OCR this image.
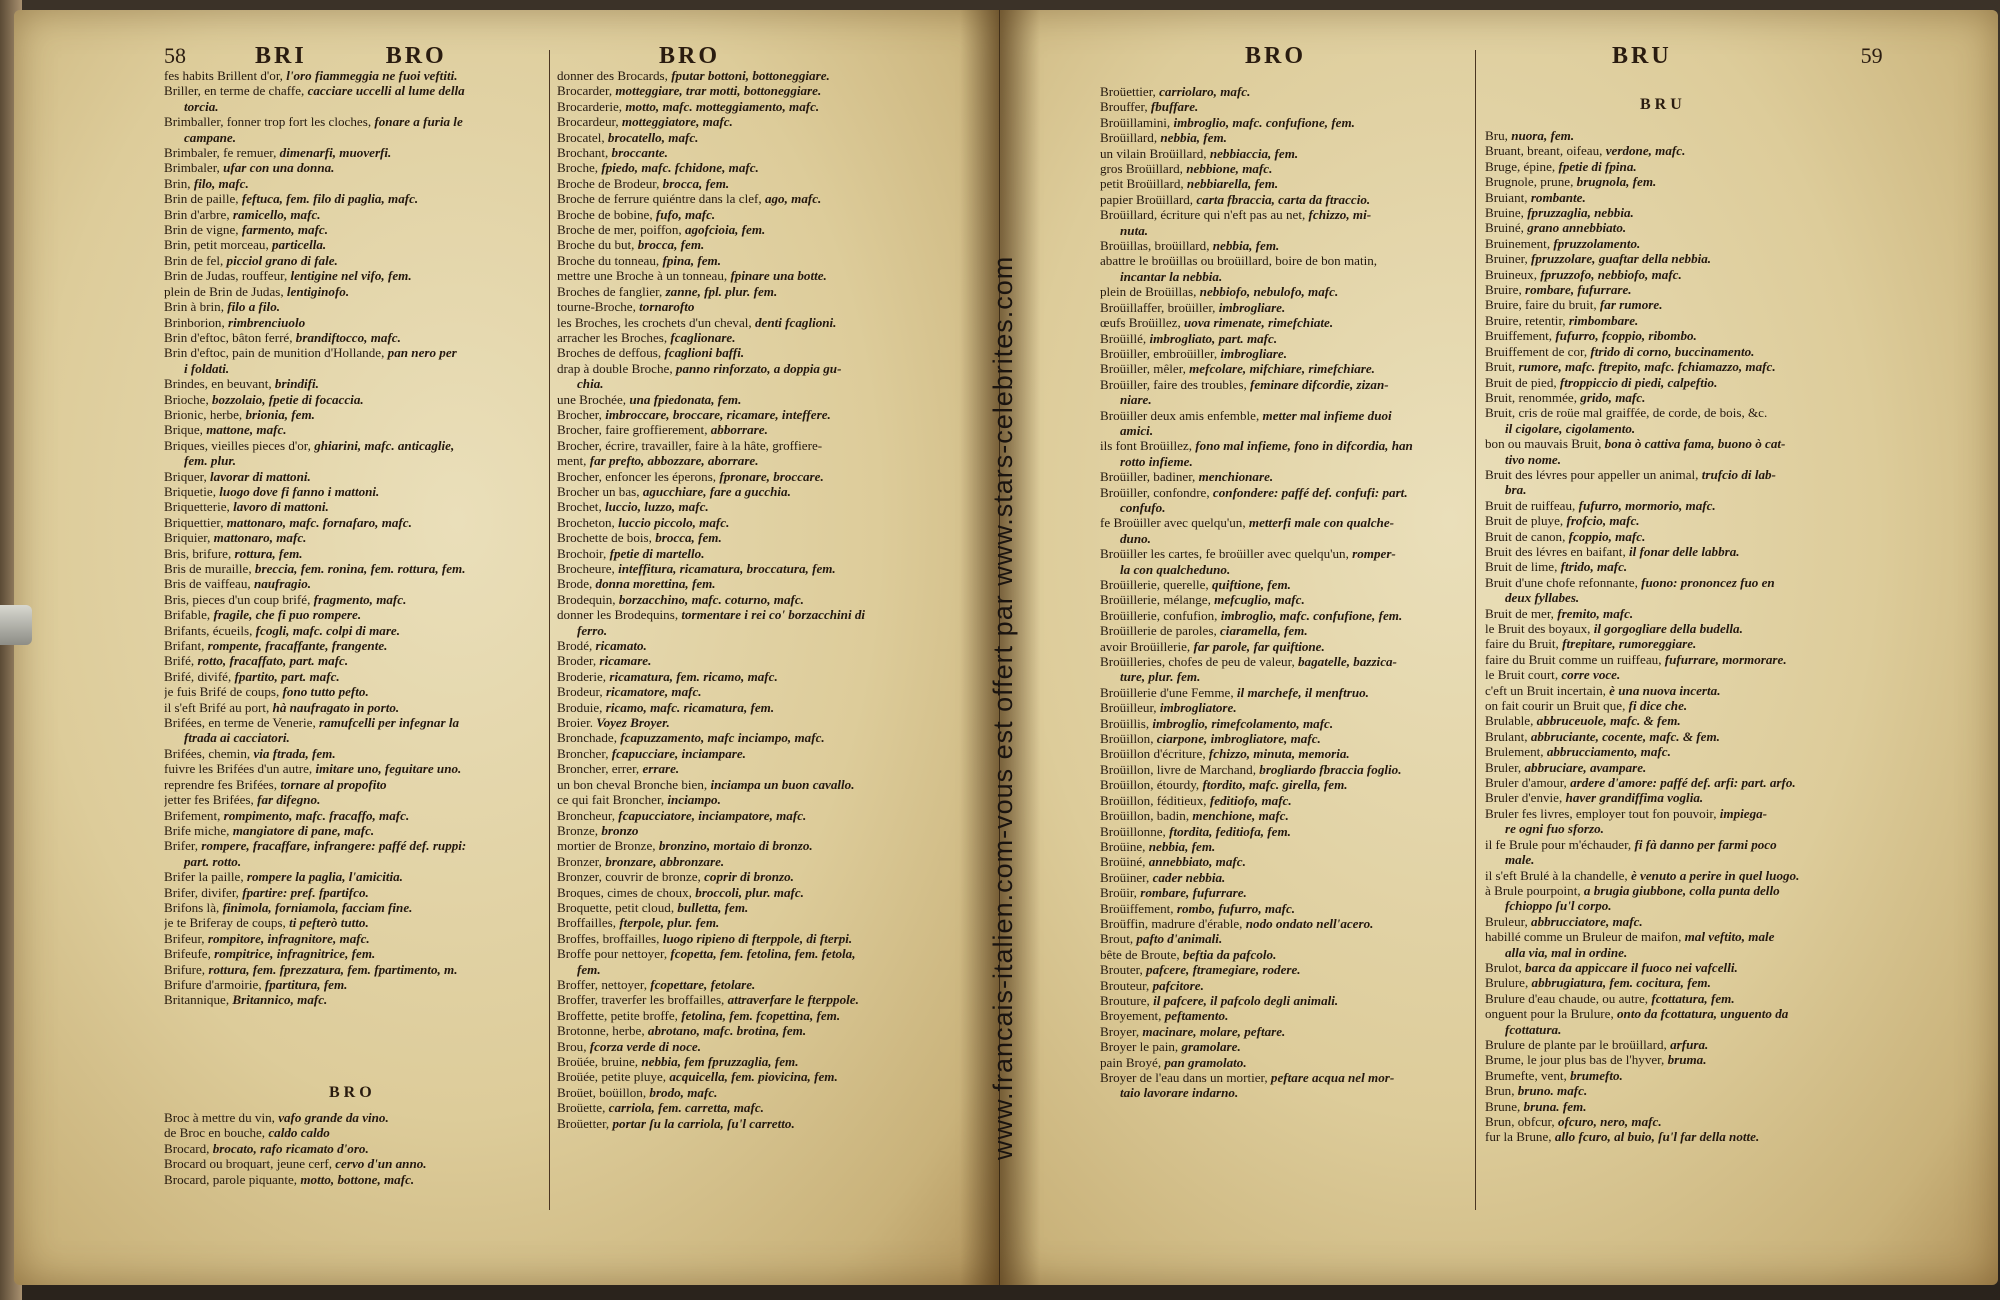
58	BRI	BRO	BRO

fes habits Brillent d'or, l'oro fiammeggia ne fuoi veftiti.

Briller, en terme de chaffe, cacciare uccelli al lume della

torcia.

Brimballer, fonner trop fort les cloches, fonare a furia le

campane.

Brimbaler, fe remuer, dimenarfi, muoverfi.

Brimbaler, ufar con una donna.

Brin, filo, mafc.

Brin de paille, feftuca, fem. filo di paglia, mafc.

Brin d'arbre, ramicello, mafc.

Brin de vigne, farmento, mafc.

Brin, petit morceau, particella.

Brin de fel, picciol grano di fale.

Brin de Judas, rouffeur, lentigine nel vifo, fem.

plein de Brin de Judas, lentiginofo.

Brin à brin, filo a filo.

Brinborion, rimbrenciuolo

Brin d'eftoc, bâton ferré, brandiftocco, mafc.

Brin d'eftoc, pain de munition d'Hollande, pan nero per

i foldati.

Brindes, en beuvant, brindifi.

Brioche, bozzolaio, fpetie di focaccia.

Brionic, herbe, brionia, fem.

Brique, mattone, mafc.

Briques, vieilles pieces d'or, ghiarini, mafc. anticaglie,

fem. plur.

Briquer, lavorar di mattoni.

Briquetie, luogo dove fi fanno i mattoni.

Briquetterie, lavoro di mattoni.

Briquettier, mattonaro, mafc. fornafaro, mafc.

Briquier, mattonaro, mafc.

Bris, brifure, rottura, fem.

Bris de muraille, breccia, fem. ronina, fem. rottura, fem.

Bris de vaiffeau, naufragio.

Bris, pieces d'un coup brifé, fragmento, mafc.

Brifable, fragile, che fi puo rompere.

Brifants, écueils, fcogli, mafc. colpi di mare.

Brifant, rompente, fracaffante, frangente.

Brifé, rotto, fracaffato, part. mafc.

Brifé, divifé, fpartito, part. mafc.

je fuis Brifé de coups, fono tutto pefto.

il s'eft Brifé au port, hà naufragato in porto.

Brifées, en terme de Venerie, ramufcelli per infegnar la

ftrada ai cacciatori.

Brifées, chemin, via ftrada, fem.

fuivre les Brifées d'un autre, imitare uno, feguitare uno.

reprendre fes Brifées, tornare al propofito

jetter fes Brifées, far difegno.

Brifement, rompimento, mafc. fracaffo, mafc.

Brife miche, mangiatore di pane, mafc.

Brifer, rompere, fracaffare, infrangere: paffé def. ruppi:

part. rotto.

Brifer la paille, rompere la paglia, l'amicitia.

Brifer, divifer, fpartire: pref. fpartifco.

Brifons là, finimola, forniamola, facciam fine.

je te Briferay de coups, ti pefterò tutto.

Brifeur, rompitore, infragnitore, mafc.

Brifeufe, rompitrice, infragnitrice, fem.

Brifure, rottura, fem. fprezzatura, fem. fpartimento, m.

Brifure d'armoirie, fpartitura, fem.

Britannique, Britannico, mafc.

BRO

Broc à mettre du vin, vafo grande da vino.

de Broc en bouche, caldo caldo

Brocard, brocato, rafo ricamato d'oro.

Brocard ou broquart, jeune cerf, cervo d'un anno.

Brocard, parole piquante, motto, bottone, mafc.

donner des Brocards, fputar bottoni, bottoneggiare.

Brocarder, motteggiare, trar motti, bottoneggiare.

Brocarderie, motto, mafc. motteggiamento, mafc.

Brocardeur, motteggiatore, mafc.

Brocatel, brocatello, mafc.

Brochant, broccante.

Broche, fpiedo, mafc. fchidone, mafc.

Broche de Brodeur, brocca, fem.

Broche de ferrure quiéntre dans la clef, ago, mafc.

Broche de bobine, fufo, mafc.

Broche de mer, poiffon, agofcioia, fem.

Broche du but, brocca, fem.

Broche du tonneau, fpina, fem.

mettre une Broche à un tonneau, fpinare una botte.

Broches de fanglier, zanne, fpl. plur. fem.

tourne-Broche, tornarofto

les Broches, les crochets d'un cheval, denti fcaglioni.

arracher les Broches, fcaglionare.

Broches de deffous, fcaglioni baffi.

drap à double Broche, panno rinforzato, a doppia gu-

chia.

une Brochée, una fpiedonata, fem.

Brocher, imbroccare, broccare, ricamare, inteffere.

Brocher, faire groffierement, abborrare.

Brocher, écrire, travailler, faire à la hâte, groffiere-

ment, far prefto, abbozzare, aborrare.

Brocher, enfoncer les éperons, fpronare, broccare.

Brocher un bas, agucchiare, fare a gucchia.

Brochet, luccio, luzzo, mafc.

Brocheton, luccio piccolo, mafc.

Brochette de bois, brocca, fem.

Brochoir, fpetie di martello.

Brocheure, inteffitura, ricamatura, broccatura, fem.

Brode, donna morettina, fem.

Brodequin, borzacchino, mafc. coturno, mafc.

donner les Brodequins, tormentare i rei co' borzacchini di

ferro.

Brodé, ricamato.

Broder, ricamare.

Broderie, ricamatura, fem. ricamo, mafc.

Brodeur, ricamatore, mafc.

Broduie, ricamo, mafc. ricamatura, fem.

Broier. Voyez Broyer.

Bronchade, fcapuzzamento, mafc inciampo, mafc.

Broncher, fcapucciare, inciampare.

Broncher, errer, errare.

un bon cheval Bronche bien, inciampa un buon cavallo.

ce qui fait Broncher, inciampo.

Broncheur, fcapucciatore, inciampatore, mafc.

Bronze, bronzo

mortier de Bronze, bronzino, mortaio di bronzo.

Bronzer, bronzare, abbronzare.

Bronzer, couvrir de bronze, coprir di bronzo.

Broques, cimes de choux, broccoli, plur. mafc.

Broquette, petit cloud, bulletta, fem.

Broffailles, fterpole, plur. fem.

Broffes, broffailles, luogo ripieno di fterppole, di fterpi.

Broffe pour nettoyer, fcopetta, fem. fetolina, fem. fetola,

fem.

Broffer, nettoyer, fcopettare, fetolare.

Broffer, traverfer les broffailles, attraverfare le fterppole.

Broffette, petite broffe, fetolina, fem. fcopettina, fem.

Brotonne, herbe, abrotano, mafc. brotina, fem.

Brou, fcorza verde di noce.

Broüée, bruine, nebbia, fem fpruzzaglia, fem.

Broüée, petite pluye, acquicella, fem. piovicina, fem.

Broüet, boüillon, brodo, mafc.

Broüette, carriola, fem. carretta, mafc.

Broüetter, portar ſu la carriola, ſu'l carretto.

BRO	BRU	59
BRU

Broüettier, carriolaro, mafc.

Brouffer, fbuffare.

Broüillamini, imbroglio, mafc. confufione, fem.

Broüillard, nebbia, fem.

un vilain Broüillard, nebbiaccia, fem.

gros Broüillard, nebbione, mafc.

petit Broüillard, nebbiarella, fem.

papier Broüillard, carta fbraccia, carta da ftraccio.

Broüillard, écriture qui n'eft pas au net, fchizzo, mi-

nuta.

Broüillas, broüillard, nebbia, fem.

abattre le broüillas ou broüillard, boire de bon matin,

incantar la nebbia.

plein de Broüillas, nebbiofo, nebulofo, mafc.

Broüillaffer, broüiller, imbrogliare.

œufs Broüillez, uova rimenate, rimefchiate.

Broüillé, imbrogliato, part. mafc.

Broüiller, embroüiller, imbrogliare.

Broüiller, mêler, mefcolare, mifchiare, rimefchiare.

Broüiller, faire des troubles, feminare difcordie, zizan-

niare.

Broüiller deux amis enfemble, metter mal infieme duoi

amici.

ils font Broüillez, fono mal infieme, fono in difcordia, han

rotto infieme.

Broüiller, badiner, menchionare.

Broüiller, confondre, confondere: paffé def. confufi: part.

confufo.

fe Broüiller avec quelqu'un, metterfi male con qualche-

duno.

Broüiller les cartes, fe broüiller avec quelqu'un, romper-

la con qualcheduno.

Broüillerie, querelle, quiftione, fem.

Broüillerie, mélange, mefcuglio, mafc.

Broüillerie, confufion, imbroglio, mafc. confufione, fem.

Broüillerie de paroles, ciaramella, fem.

avoir Broüillerie, far parole, far quiftione.

Broüilleries, chofes de peu de valeur, bagatelle, bazzica-

ture, plur. fem.

Broüillerie d'une Femme, il marchefe, il menftruo.

Broüilleur, imbrogliatore.

Broüillis, imbroglio, rimefcolamento, mafc.

Broüillon, ciarpone, imbrogliatore, mafc.

Broüillon d'écriture, fchizzo, minuta, memoria.

Broüillon, livre de Marchand, brogliardo fbraccia foglio.

Broüillon, étourdy, ftordito, mafc. girella, fem.

Broüillon, féditieux, feditiofo, mafc.

Broüillon, badin, menchione, mafc.

Broüillonne, ftordita, feditiofa, fem.

Broüine, nebbia, fem.

Broüiné, annebbiato, mafc.

Broüiner, cader nebbia.

Broüir, rombare, fufurrare.

Broüiffement, rombo, fufurro, mafc.

Broüffin, madrure d'érable, nodo ondato nell'acero.

Brout, pafto d'animali.

bête de Broute, beftia da pafcolo.

Brouter, pafcere, ftramegiare, rodere.

Brouteur, pafcitore.

Brouture, il pafcere, il pafcolo degli animali.

Broyement, peftamento.

Broyer, macinare, molare, peftare.

Broyer le pain, gramolare.

pain Broyé, pan gramolato.

Broyer de l'eau dans un mortier, peftare acqua nel mor-

taio lavorare indarno.

Bru, nuora, fem.

Bruant, breant, oifeau, verdone, mafc.

Bruge, épine, fpetie di fpina.

Brugnole, prune, brugnola, fem.

Bruiant, rombante.

Bruine, fpruzzaglia, nebbia.

Bruiné, grano annebbiato.

Bruinement, fpruzzolamento.

Bruiner, fpruzzolare, guaftar della nebbia.

Bruineux, fpruzzofo, nebbiofo, mafc.

Bruire, rombare, fufurrare.

Bruire, faire du bruit, far rumore.

Bruire, retentir, rimbombare.

Bruiffement, fufurro, fcoppio, ribombo.

Bruiffement de cor, ftrido di corno, buccinamento.

Bruit, rumore, mafc. ftrepito, mafc. fchiamazzo, mafc.

Bruit de pied, ftroppiccio di piedi, calpeftio.

Bruit, renommée, grido, mafc.

Bruit, cris de roüe mal graiffée, de corde, de bois, &c.

il cigolare, cigolamento.

bon ou mauvais Bruit, bona ò cattiva fama, buono ò cat-

tivo nome.

Bruit des lévres pour appeller un animal, trufcio di lab-

bra.

Bruit de ruiffeau, fufurro, mormorio, mafc.

Bruit de pluye, frofcio, mafc.

Bruit de canon, fcoppio, mafc.

Bruit des lévres en baifant, il fonar delle labbra.

Bruit de lime, ftrido, mafc.

Bruit d'une chofe refonnante, fuono: prononcez fuo en

deux fyllabes.

Bruit de mer, fremito, mafc.

le Bruit des boyaux, il gorgogliare della budella.

faire du Bruit, ftrepitare, rumoreggiare.

faire du Bruit comme un ruiffeau, fufurrare, mormorare.

le Bruit court, corre voce.

c'eft un Bruit incertain, è una nuova incerta.

on fait courir un Bruit que, fi dice che.

Brulable, abbruceuole, mafc. & fem.

Brulant, abbruciante, cocente, mafc. & fem.

Brulement, abbrucciamento, mafc.

Bruler, abbruciare, avampare.

Bruler d'amour, ardere d'amore: paffé def. arfi: part. arfo.

Bruler d'envie, haver grandiffima voglia.

Bruler fes livres, employer tout fon pouvoir, impiega-

re ogni fuo sforzo.

il fe Brule pour m'échauder, fi fà danno per farmi poco

male.

il s'eft Brulé à la chandelle, è venuto a perire in quel luogo.

à Brule pourpoint, a brugia giubbone, colla punta dello

fchioppo ſu'l corpo.

Bruleur, abbrucciatore, mafc.

habillé comme un Bruleur de maifon, mal veftito, male

alla via, mal in ordine.

Brulot, barca da appiccare il fuoco nei vafcelli.

Brulure, abbrugiatura, fem. cocitura, fem.

Brulure d'eau chaude, ou autre, fcottatura, fem.

onguent pour la Brulure, onto da fcottatura, unguento da

fcottatura.

Brulure de plante par le broüillard, arfura.

Brume, le jour plus bas de l'hyver, bruma.

Brumefte, vent, brumefto.

Brun, bruno. mafc.

Brune, bruna. fem.

Brun, obfcur, ofcuro, nero, mafc.

fur la Brune, allo fcuro, al buio, ſu'l far della notte.
